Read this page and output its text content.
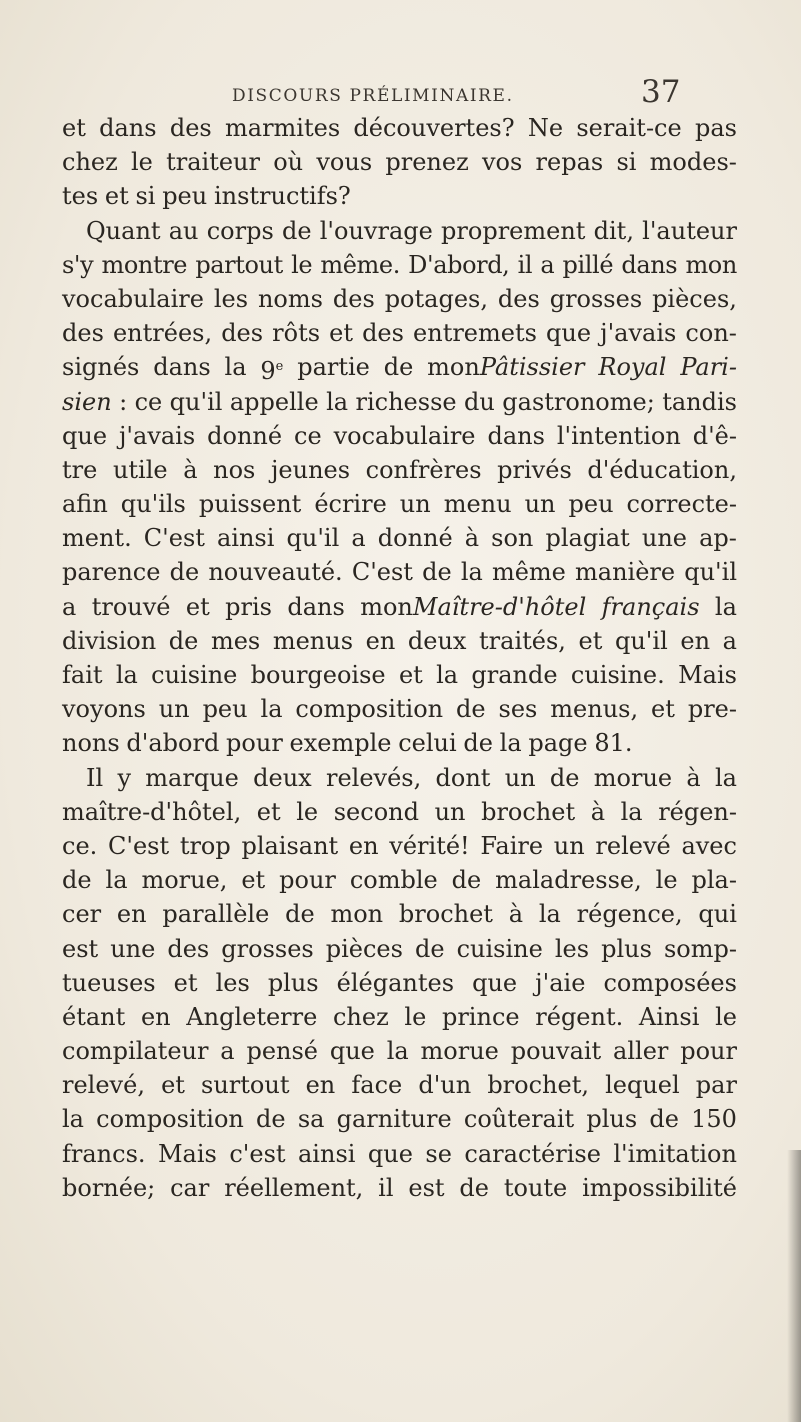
DISCOURS PRÉLIMINAIRE.	37
et dans des marmites découvertes? Ne serait-ce pas
chez le traiteur où vous prenez vos repas si modes-
tes et si peu instructifs?
Quant au corps de l'ouvrage proprement dit, l'auteur
s'y montre partout le même. D'abord, il a pillé dans mon
vocabulaire les noms des potages, des grosses pièces,
des entrées, des rôts et des entremets que j'avais con-
signés dans la 9e partie de monPâtissier Royal Pari-
sien : ce qu'il appelle la richesse du gastronome; tandis
que j'avais donné ce vocabulaire dans l'intention d'ê-
tre utile à nos jeunes confrères privés d'éducation,
afin qu'ils puissent écrire un menu un peu correcte-
ment. C'est ainsi qu'il a donné à son plagiat une ap-
parence de nouveauté. C'est de la même manière qu'il
a trouvé et pris dans monMaître-d'hôtel français la
division de mes menus en deux traités, et qu'il en a
fait la cuisine bourgeoise et la grande cuisine. Mais
voyons un peu la composition de ses menus, et pre-
nons d'abord pour exemple celui de la page 81.
Il y marque deux relevés, dont un de morue à la
maître-d'hôtel, et le second un brochet à la régen-
ce. C'est trop plaisant en vérité! Faire un relevé avec
de la morue, et pour comble de maladresse, le pla-
cer en parallèle de mon brochet à la régence, qui
est une des grosses pièces de cuisine les plus somp-
tueuses et les plus élégantes que j'aie composées
étant en Angleterre chez le prince régent. Ainsi le
compilateur a pensé que la morue pouvait aller pour
relevé, et surtout en face d'un brochet, lequel par
la composition de sa garniture coûterait plus de 150
francs. Mais c'est ainsi que se caractérise l'imitation
bornée; car réellement, il est de toute impossibilité
